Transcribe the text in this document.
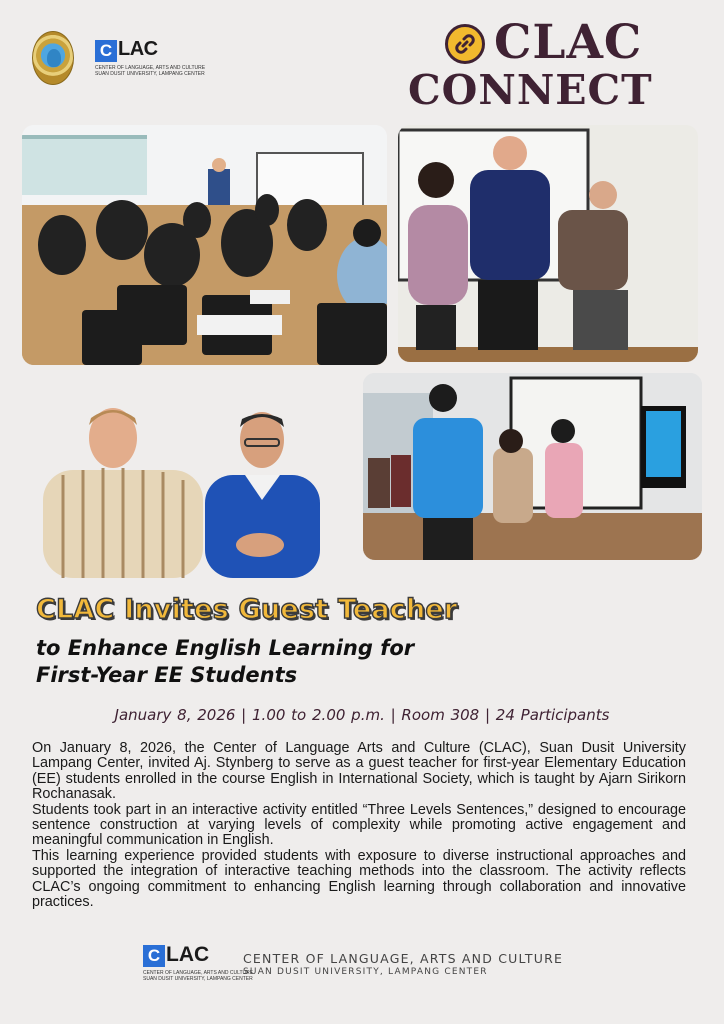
C LAC
CENTER OF LANGUAGE, ARTS AND CULTURE
SUAN DUSIT UNIVERSITY, LAMPANG CENTER
CLAC
CONNECT
CLAC Invites Guest Teacher
to Enhance English Learning for
First-Year EE Students
January 8, 2026 | 1.00 to 2.00 p.m. | Room 308 | 24 Participants

On January 8, 2026, the Center of Language Arts and Culture (CLAC), Suan Dusit University Lampang Center, invited Aj. Stynberg to serve as a guest teacher for first-year Elementary Education (EE) students enrolled in the course English in International Society, which is taught by Ajarn Sirikorn Rochanasak.

Students took part in an interactive activity entitled “Three Levels Sentences,” designed to encourage sentence construction at varying levels of complexity while promoting active engagement and meaningful communication in English.

This learning experience provided students with exposure to diverse instructional approaches and supported the integration of interactive teaching methods into the classroom. The activity reflects CLAC’s ongoing commitment to enhancing English learning through collaboration and innovative practices.

C LAC
CENTER OF LANGUAGE, ARTS AND CULTURE
SUAN DUSIT UNIVERSITY, LAMPANG CENTER
CENTER OF LANGUAGE, ARTS AND CULTURE
SUAN DUSIT UNIVERSITY, LAMPANG CENTER
